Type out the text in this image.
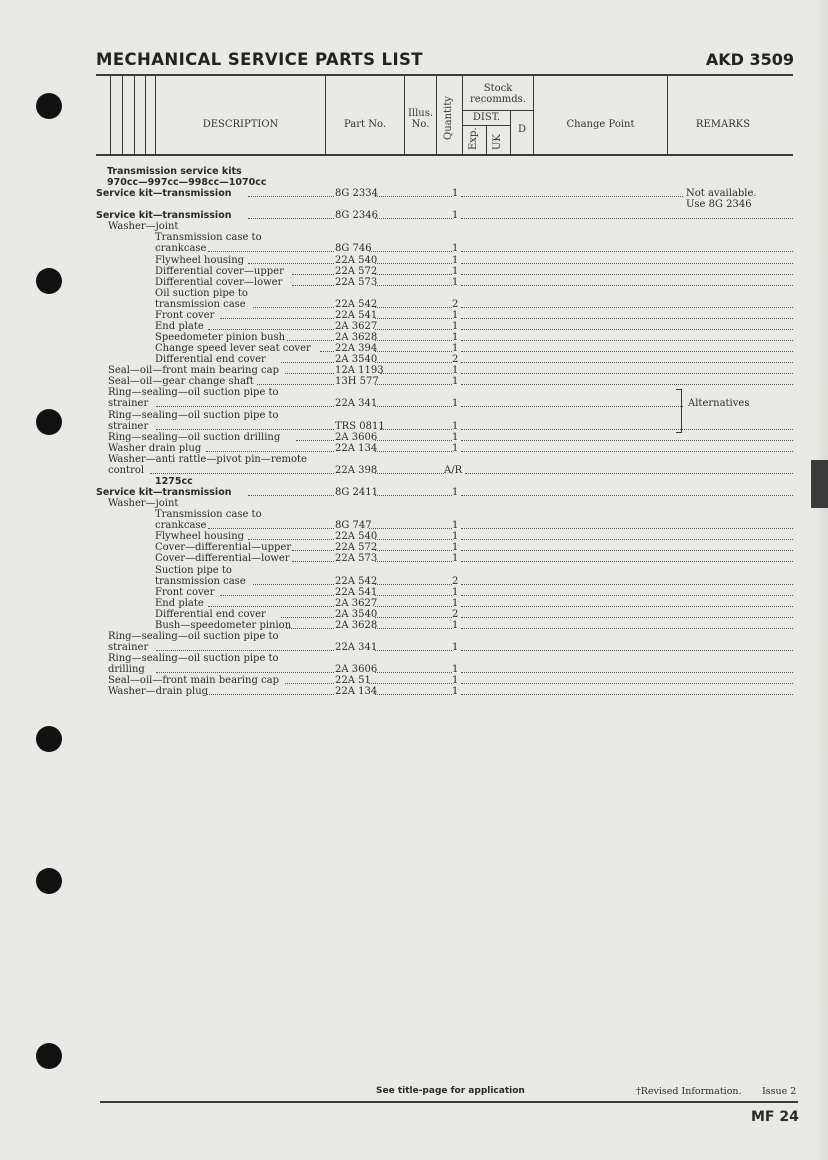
MECHANICAL SERVICE PARTS LIST	AKD 3509
DESCRIPTION	Part No.
Illus.
No.	Quantity
Stock
recommds.
DIST.
Exp. UK
D	Change Point	REMARKS
Transmission service kits
970cc—997cc—998cc—1070cc
Service kit—transmission	8G 2334	1	Not available.
Use 8G 2346
Service kit—transmission	8G 2346	1
Washer—joint
Transmission case to
crankcase	8G 746	1
Flywheel housing	22A 540	1
Differential cover—upper	22A 572	1
Differential cover—lower	22A 573	1
Oil suction pipe to
transmission case	22A 542	2
Front cover	22A 541	1
End plate	2A 3627	1
Speedometer pinion bush	2A 3628	1
Change speed lever seat cover 22A 394	1
Differential end cover	2A 3540	2
Seal—oil—front main bearing cap	12A 1193	1
Seal—oil—gear change shaft	13H 577	1
Ring—sealing—oil suction pipe to
strainer	22A 341	1	Alternatives
Ring—sealing—oil suction pipe to
strainer	TRS 0811	1
Ring—sealing—oil suction drilling	2A 3606	1
Washer drain plug	22A 134	1
Washer—anti rattle—pivot pin—remote
control	22A 398	A/R
1275cc
Service kit—transmission	8G 2411	1
Washer—joint
Transmission case to
crankcase	8G 747	1
Flywheel housing	22A 540	1
Cover—differential—upper	22A 572	1
Cover—differential—lower	22A 573	1
Suction pipe to
transmission case	22A 542	2
Front cover	22A 541	1
End plate	2A 3627	1
Differential end cover	2A 3540	2
Bush—speedometer pinion	2A 3628	1
Ring—sealing—oil suction pipe to
strainer	22A 341	1
Ring—sealing—oil suction pipe to
drilling	2A 3606	1
Seal—oil—front main bearing cap	22A 51	1
Washer—drain plug	22A 134	1
See title-page for application	†Revised Information. Issue 2
MF 24
